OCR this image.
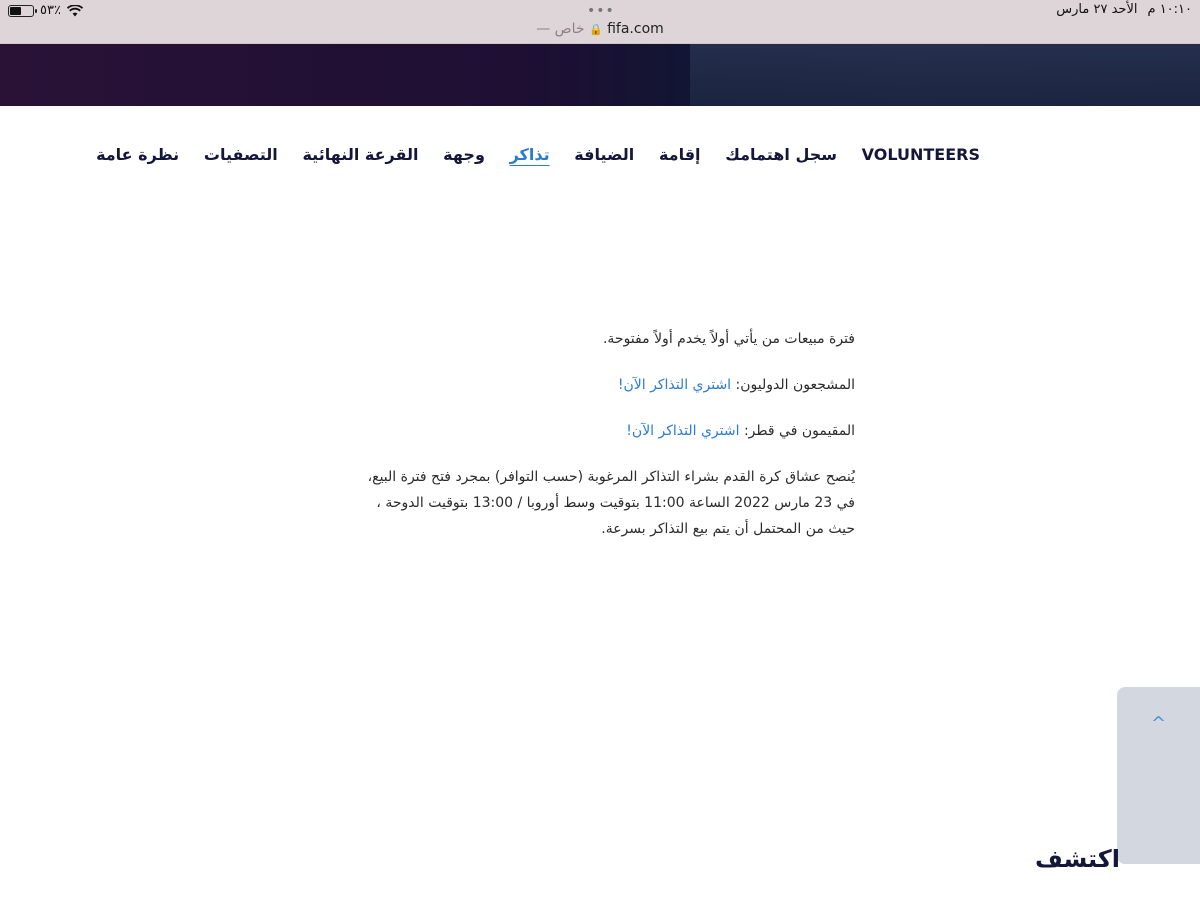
٥٣٪	•••	١٠:١٠ م
الأحد ٢٧ مارس
— خاص 🔒 fifa.com
نظرة عامة التصفيات القرعة النهائية وجهة تذاكر الضيافة إقامة سجل اهتمامك VOLUNTEERS

فترة مبيعات من يأتي أولاً يخدم أولاً مفتوحة.

المشجعون الدوليون: اشتري التذاكر الآن!

المقيمون في قطر: اشتري التذاكر الآن!

يُنصح عشاق كرة القدم بشراء التذاكر المرغوبة (حسب التوافر) بمجرد فتح فترة البيع،
في 23 مارس 2022 الساعة 11:00 بتوقيت وسط أوروبا / 13:00 بتوقيت الدوحة ،
حيث من المحتمل أن يتم بيع التذاكر بسرعة.

^
اكتشف
